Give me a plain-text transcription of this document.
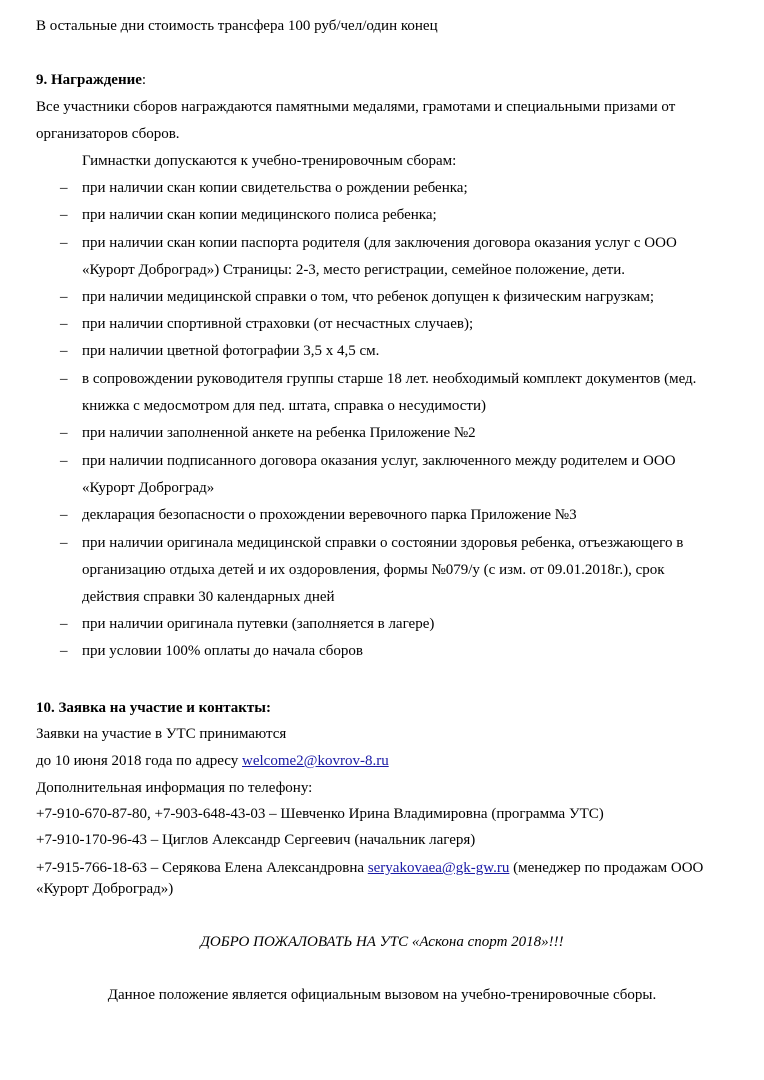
В остальные дни стоимость трансфера 100 руб/чел/один конец
9. Награждение:
Все участники сборов награждаются памятными медалями, грамотами и специальными призами от
организаторов сборов.
Гимнастки допускаются к учебно-тренировочным сборам:
– при наличии скан копии свидетельства о рождении ребенка;
– при наличии скан копии медицинского полиса ребенка;
– при наличии скан копии паспорта родителя (для заключения договора оказания услуг с ООО
«Курорт Доброград») Страницы: 2-3, место регистрации, семейное положение, дети.
– при наличии медицинской справки о том, что ребенок допущен к физическим нагрузкам;
– при наличии спортивной страховки (от несчастных случаев);
– при наличии цветной фотографии 3,5 х 4,5 см.
– в сопровождении руководителя группы старше 18 лет. необходимый комплект документов (мед.
книжка с медосмотром для пед. штата, справка о несудимости)
– при наличии заполненной анкете на ребенка Приложение №2
– при наличии подписанного договора оказания услуг, заключенного между родителем и ООО
«Курорт Доброград»
– декларация безопасности о прохождении веревочного парка Приложение №3
– при наличии оригинала медицинской справки о состоянии здоровья ребенка, отъезжающего в
организацию отдыха детей и их оздоровления, формы №079/у (с изм. от 09.01.2018г.), срок
действия справки 30 календарных дней
– при наличии оригинала путевки (заполняется в лагере)
– при условии 100% оплаты до начала сборов
10. Заявка на участие и контакты:
Заявки на участие в УТС принимаются
до 10 июня 2018 года по адресу welcome2@kovrov-8.ru
Дополнительная информация по телефону:
+7-910-670-87-80, +7-903-648-43-03 – Шевченко Ирина Владимировна (программа УТС)
+7-910-170-96-43 – Циглов Александр Сергеевич (начальник лагеря)
+7-915-766-18-63 – Серякова Елена Александровна seryakovaea@gk-gw.ru (менеджер по продажам ООО
«Курорт Доброград»)
ДОБРО ПОЖАЛОВАТЬ НА УТС «Аскона спорт 2018»!!!
Данное положение является официальным вызовом на учебно-тренировочные сборы.
